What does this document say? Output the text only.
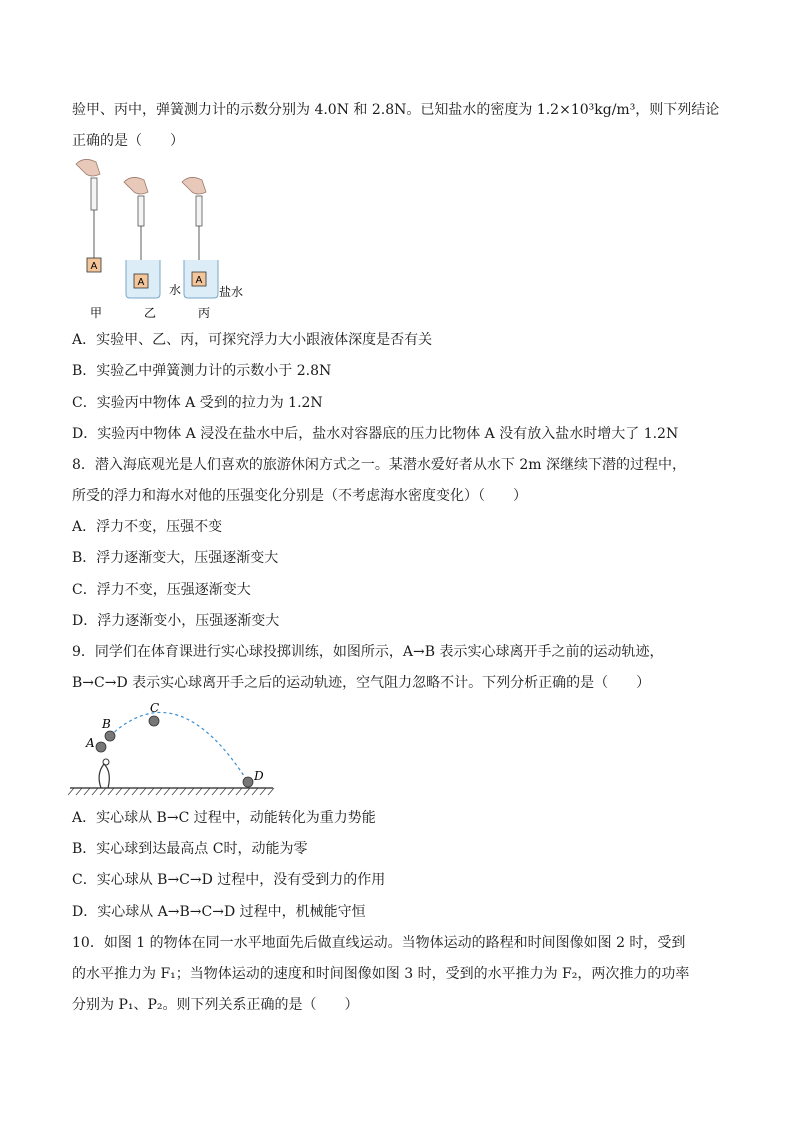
验甲、丙中，弹簧测力计的示数分别为 4.0N 和 2.8N。已知盐水的密度为 1.2×10³kg/m³，则下列结论
正确的是（　　）
A
甲
A
水
乙
A
盐水
丙
A．实验甲、乙、丙，可探究浮力大小跟液体深度是否有关
B．实验乙中弹簧测力计的示数小于 2.8N
C．实验丙中物体 A 受到的拉力为 1.2N
D．实验丙中物体 A 浸没在盐水中后，盐水对容器底的压力比物体 A 没有放入盐水时增大了 1.2N
8．潜入海底观光是人们喜欢的旅游休闲方式之一。某潜水爱好者从水下 2m 深继续下潜的过程中，
所受的浮力和海水对他的压强变化分别是（不考虑海水密度变化）（　　）
A．浮力不变，压强不变
B．浮力逐渐变大，压强逐渐变大
C．浮力不变，压强逐渐变大
D．浮力逐渐变小，压强逐渐变大
9．同学们在体育课进行实心球投掷训练，如图所示，A→B 表示实心球离开手之前的运动轨迹，
B→C→D 表示实心球离开手之后的运动轨迹，空气阻力忽略不计。下列分析正确的是（　　）
A
B
C
D
A．实心球从 B→C 过程中，动能转化为重力势能
B．实心球到达最高点 C时，动能为零
C．实心球从 B→C→D 过程中，没有受到力的作用
D．实心球从 A→B→C→D 过程中，机械能守恒
10．如图 1 的物体在同一水平地面先后做直线运动。当物体运动的路程和时间图像如图 2 时，受到
的水平推力为 F₁；当物体运动的速度和时间图像如图 3 时，受到的水平推力为 F₂，两次推力的功率
分别为 P₁、P₂。则下列关系正确的是（　　）
